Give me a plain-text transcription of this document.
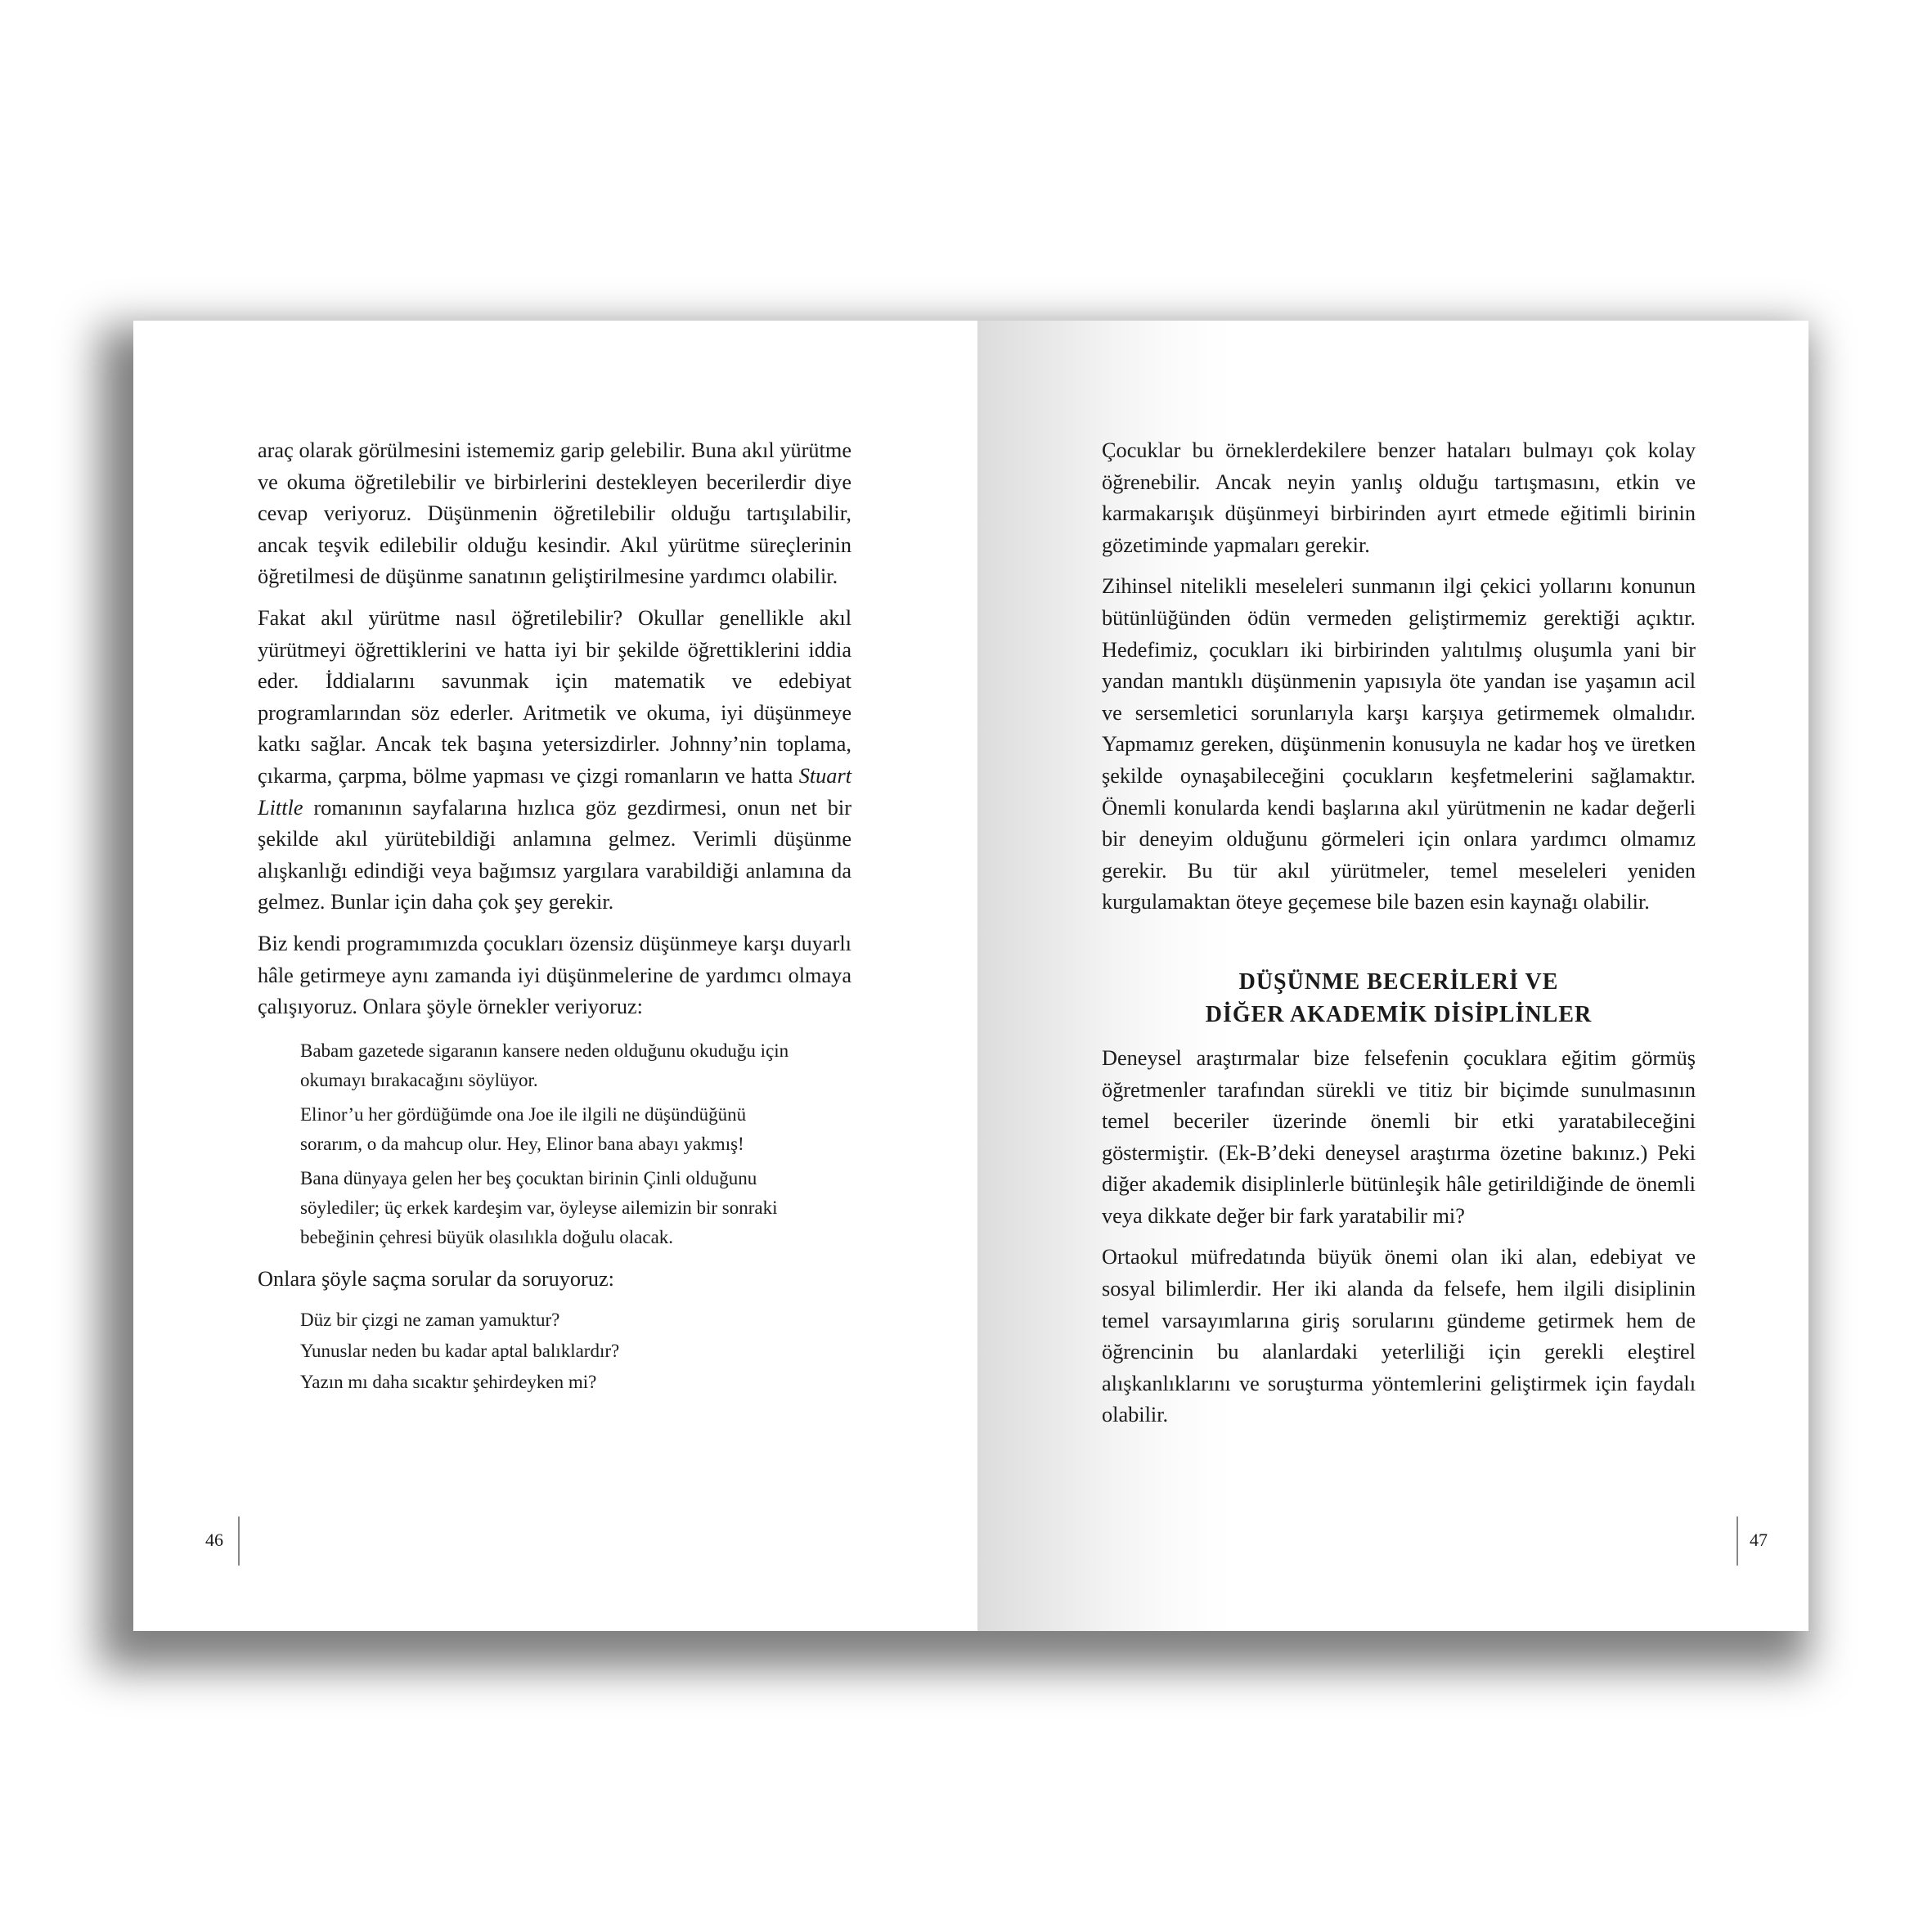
araç olarak görülmesini istememiz garip gelebilir. Buna akıl yürütme ve okuma öğretilebilir ve birbirlerini destekleyen becerilerdir diye cevap veriyoruz. Düşünmenin öğretilebilir olduğu tartışılabilir, ancak teşvik edilebilir olduğu kesindir. Akıl yürütme süreçlerinin öğretilmesi de düşünme sanatının geliştirilmesine yardımcı olabilir.

Fakat akıl yürütme nasıl öğretilebilir? Okullar genellikle akıl yürütmeyi öğrettiklerini ve hatta iyi bir şekilde öğrettiklerini iddia eder. İddialarını savunmak için matematik ve edebiyat programlarından söz ederler. Aritmetik ve okuma, iyi düşünmeye katkı sağlar. Ancak tek başına yetersizdirler. Johnny’nin toplama, çıkarma, çarpma, bölme yapması ve çizgi romanların ve hatta Stuart Little romanının sayfalarına hızlıca göz gezdirmesi, onun net bir şekilde akıl yürütebildiği anlamına gelmez. Verimli düşünme alışkanlığı edindiği veya bağımsız yargılara varabildiği anlamına da gelmez. Bunlar için daha çok şey gerekir.

Biz kendi programımızda çocukları özensiz düşünmeye karşı duyarlı hâle getirmeye aynı zamanda iyi düşünmelerine de yardımcı olmaya çalışıyoruz. Onlara şöyle örnekler veriyoruz:

Babam gazetede sigaranın kansere neden olduğunu okuduğu için okumayı bırakacağını söylüyor.
Elinor’u her gördüğümde ona Joe ile ilgili ne düşündüğünü sorarım, o da mahcup olur. Hey, Elinor bana abayı yakmış!
Bana dünyaya gelen her beş çocuktan birinin Çinli olduğunu söylediler; üç erkek kardeşim var, öyleyse ailemizin bir sonraki bebeğinin çehresi büyük olasılıkla doğulu olacak.

Onlara şöyle saçma sorular da soruyoruz:

Düz bir çizgi ne zaman yamuktur?
Yunuslar neden bu kadar aptal balıklardır?
Yazın mı daha sıcaktır şehirdeyken mi?
46

Çocuklar bu örneklerdekilere benzer hataları bulmayı çok kolay öğrenebilir. Ancak neyin yanlış olduğu tartışmasını, etkin ve karmakarışık düşünmeyi birbirinden ayırt etmede eğitimli birinin gözetiminde yapmaları gerekir.

Zihinsel nitelikli meseleleri sunmanın ilgi çekici yollarını konunun bütünlüğünden ödün vermeden geliştirmemiz gerektiği açıktır. Hedefimiz, çocukları iki birbirinden yalıtılmış oluşumla yani bir yandan mantıklı düşünmenin yapısıyla öte yandan ise yaşamın acil ve sersemletici sorunlarıyla karşı karşıya getirmemek olmalıdır. Yapmamız gereken, düşünmenin konusuyla ne kadar hoş ve üretken şekilde oynaşabileceğini çocukların keşfetmelerini sağlamaktır. Önemli konularda kendi başlarına akıl yürütmenin ne kadar değerli bir deneyim olduğunu görmeleri için onlara yardımcı olmamız gerekir. Bu tür akıl yürütmeler, temel meseleleri yeniden kurgulamaktan öteye geçemese bile bazen esin kaynağı olabilir.

DÜŞÜNME BECERİLERİ VE
DİĞER AKADEMİK DİSİPLİNLER

Deneysel araştırmalar bize felsefenin çocuklara eğitim görmüş öğretmenler tarafından sürekli ve titiz bir biçimde sunulmasının temel beceriler üzerinde önemli bir etki yaratabileceğini göstermiştir. (Ek-B’deki deneysel araştırma özetine bakınız.) Peki diğer akademik disiplinlerle bütünleşik hâle getirildiğinde de önemli veya dikkate değer bir fark yaratabilir mi?

Ortaokul müfredatında büyük önemi olan iki alan, edebiyat ve sosyal bilimlerdir. Her iki alanda da felsefe, hem ilgili disiplinin temel varsayımlarına giriş sorularını gündeme getirmek hem de öğrencinin bu alanlardaki yeterliliği için gerekli eleştirel alışkanlıklarını ve soruşturma yöntemlerini geliştirmek için faydalı olabilir.

47
